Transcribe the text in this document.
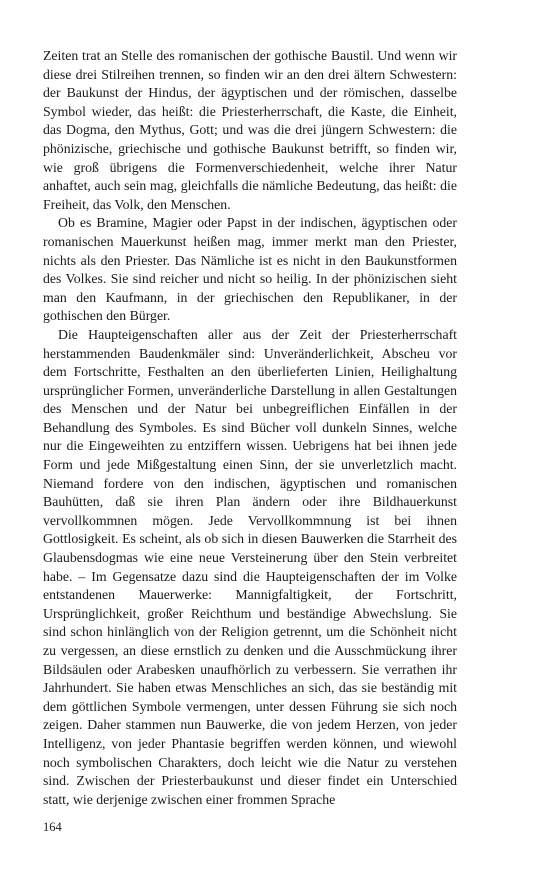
Zeiten trat an Stelle des romanischen der gothische Baustil. Und wenn wir diese drei Stilreihen trennen, so finden wir an den drei ältern Schwestern: der Baukunst der Hindus, der ägyptischen und der römischen, dasselbe Symbol wieder, das heißt: die Priesterherrschaft, die Kaste, die Einheit, das Dogma, den Mythus, Gott; und was die drei jüngern Schwestern: die phönizische, griechische und gothische Baukunst betrifft, so finden wir, wie groß übrigens die Formenverschiedenheit, welche ihrer Natur anhaftet, auch sein mag, gleichfalls die nämliche Bedeutung, das heißt: die Freiheit, das Volk, den Menschen.

Ob es Bramine, Magier oder Papst in der indischen, ägyptischen oder romanischen Mauerkunst heißen mag, immer merkt man den Priester, nichts als den Priester. Das Nämliche ist es nicht in den Baukunstformen des Volkes. Sie sind reicher und nicht so heilig. In der phönizischen sieht man den Kaufmann, in der griechischen den Republikaner, in der gothischen den Bürger.

Die Haupteigenschaften aller aus der Zeit der Priesterherrschaft herstammenden Baudenkmäler sind: Unveränderlichkeit, Abscheu vor dem Fortschritte, Festhalten an den überlieferten Linien, Heilighaltung ursprünglicher Formen, unveränderliche Darstellung in allen Gestaltungen des Menschen und der Natur bei unbegreiflichen Einfällen in der Behandlung des Symboles. Es sind Bücher voll dunkeln Sinnes, welche nur die Eingeweihten zu entziffern wissen. Uebrigens hat bei ihnen jede Form und jede Mißgestaltung einen Sinn, der sie unverletzlich macht. Niemand fordere von den indischen, ägyptischen und romanischen Bauhütten, daß sie ihren Plan ändern oder ihre Bildhauerkunst vervollkommnen mögen. Jede Vervollkommnung ist bei ihnen Gottlosigkeit. Es scheint, als ob sich in diesen Bauwerken die Starrheit des Glaubensdogmas wie eine neue Versteinerung über den Stein verbreitet habe. – Im Gegensatze dazu sind die Haupteigenschaften der im Volke entstandenen Mauerwerke: Mannigfaltigkeit, der Fortschritt, Ursprünglichkeit, großer Reichthum und beständige Abwechslung. Sie sind schon hinlänglich von der Religion getrennt, um die Schönheit nicht zu vergessen, an diese ernstlich zu denken und die Ausschmückung ihrer Bildsäulen oder Arabesken unaufhörlich zu verbessern. Sie verrathen ihr Jahrhundert. Sie haben etwas Menschliches an sich, das sie beständig mit dem göttlichen Symbole vermengen, unter dessen Führung sie sich noch zeigen. Daher stammen nun Bauwerke, die von jedem Herzen, von jeder Intelligenz, von jeder Phantasie begriffen werden können, und wiewohl noch symbolischen Charakters, doch leicht wie die Natur zu verstehen sind. Zwischen der Priesterbaukunst und dieser findet ein Unterschied statt, wie derjenige zwischen einer frommen Sprache

164
